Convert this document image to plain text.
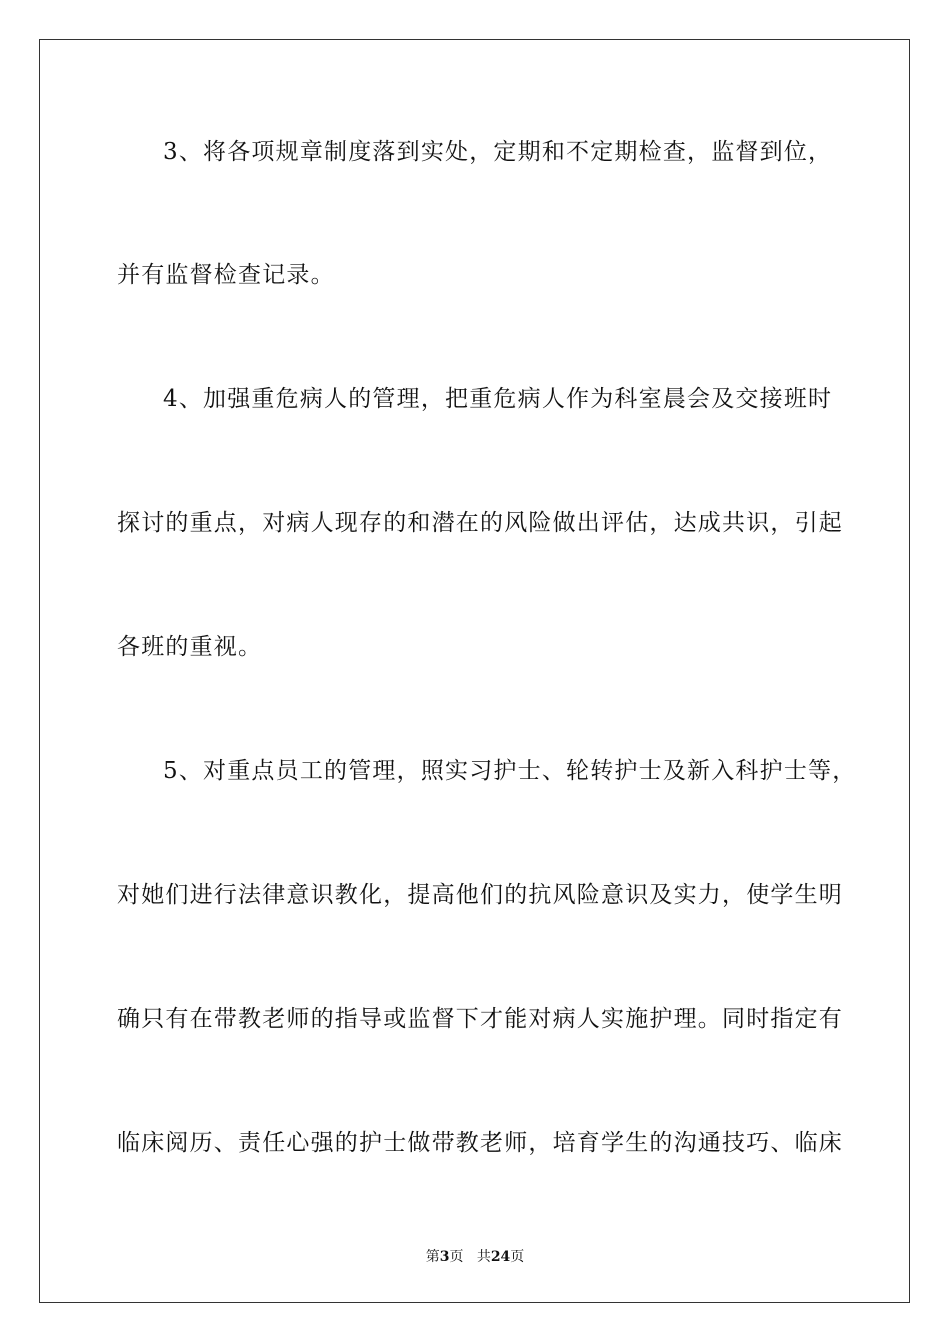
3、将各项规章制度落到实处，定期和不定期检查，监督到位，
并有监督检查记录。
4、加强重危病人的管理，把重危病人作为科室晨会及交接班时
探讨的重点，对病人现存的和潜在的风险做出评估，达成共识，引起
各班的重视。
5、对重点员工的管理，照实习护士、轮转护士及新入科护士等，
对她们进行法律意识教化，提高他们的抗风险意识及实力，使学生明
确只有在带教老师的指导或监督下才能对病人实施护理。同时指定有
临床阅历、责任心强的护士做带教老师，培育学生的沟通技巧、临床
第3页 共24页
